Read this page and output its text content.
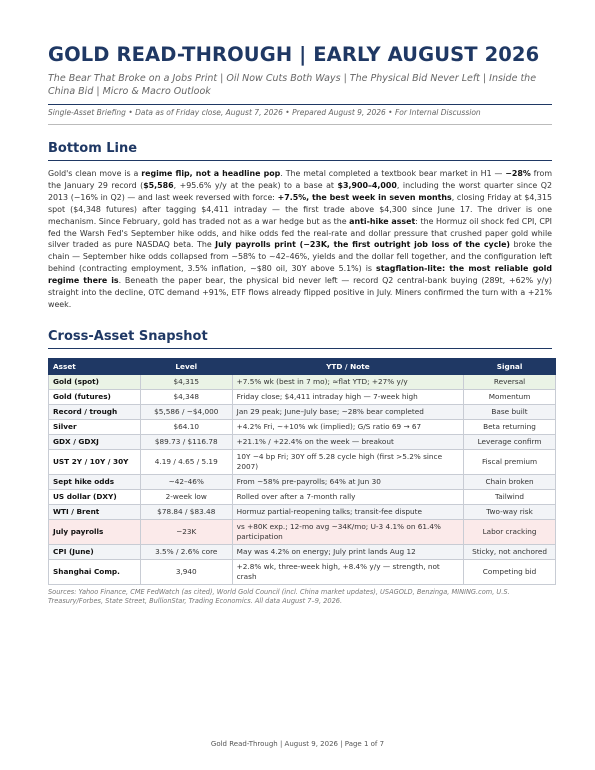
GOLD READ-THROUGH | EARLY AUGUST 2026
The Bear That Broke on a Jobs Print | Oil Now Cuts Both Ways | The Physical Bid Never Left | Inside the China Bid | Micro & Macro Outlook
Single-Asset Briefing • Data as of Friday close, August 7, 2026 • Prepared August 9, 2026 • For Internal Discussion
Bottom Line

Gold's clean move is a regime flip, not a headline pop. The metal completed a textbook bear market in H1 — −28% from the January 29 record ($5,586, +95.6% y/y at the peak) to a base at $3,900–4,000, including the worst quarter since Q2 2013 (−16% in Q2) — and last week reversed with force: +7.5%, the best week in seven months, closing Friday at $4,315 spot ($4,348 futures) after tagging $4,411 intraday — the first trade above $4,300 since June 17. The driver is one mechanism. Since February, gold has traded not as a war hedge but as the anti-hike asset: the Hormuz oil shock fed CPI, CPI fed the Warsh Fed's September hike odds, and hike odds fed the real-rate and dollar pressure that crushed paper gold while silver traded as pure NASDAQ beta. The July payrolls print (−23K, the first outright job loss of the cycle) broke the chain — September hike odds collapsed from ~58% to ~42–46%, yields and the dollar fell together, and the configuration left behind (contracting employment, 3.5% inflation, ~$80 oil, 30Y above 5.1%) is stagflation-lite: the most reliable gold regime there is. Beneath the paper bear, the physical bid never left — record Q2 central-bank buying (289t, +62% y/y) straight into the decline, OTC demand +91%, ETF flows already flipped positive in July. Miners confirmed the turn with a +21% week.

Cross-Asset Snapshot
Asset	Level	YTD / Note	Signal
Gold (spot)	$4,315	+7.5% wk (best in 7 mo); ≈flat YTD; +27% y/y	Reversal
Gold (futures)	$4,348	Friday close; $4,411 intraday high — 7-week high	Momentum
Record / trough	$5,586 / ~$4,000	Jan 29 peak; June–July base; ~28% bear completed	Base built
Silver	$64.10	+4.2% Fri, ~+10% wk (implied); G/S ratio 69 → 67	Beta returning
GDX / GDXJ	$89.73 / $116.78	+21.1% / +22.4% on the week — breakout	Leverage confirm
UST 2Y / 10Y / 30Y	4.19 / 4.65 / 5.19	10Y −4 bp Fri; 30Y off 5.28 cycle high (first >5.2% since 2007)	Fiscal premium
Sept hike odds	~42–46%	From ~58% pre-payrolls; 64% at Jun 30	Chain broken
US dollar (DXY)	2-week low	Rolled over after a 7-month rally	Tailwind
WTI / Brent	$78.84 / $83.48	Hormuz partial-reopening talks; transit-fee dispute	Two-way risk
July payrolls	−23K	vs +80K exp.; 12-mo avg ~34K/mo; U-3 4.1% on 61.4% participation	Labor cracking
CPI (June)	3.5% / 2.6% core	May was 4.2% on energy; July print lands Aug 12	Sticky, not anchored
Shanghai Comp.	3,940	+2.8% wk, three-week high, +8.4% y/y — strength, not crash	Competing bid
Sources: Yahoo Finance, CME FedWatch (as cited), World Gold Council (incl. China market updates), USAGOLD, Benzinga, MINING.com, U.S. Treasury/Forbes, State Street, BullionStar, Trading Economics. All data August 7–9, 2026.
Gold Read-Through | August 9, 2026 | Page 1 of 7
